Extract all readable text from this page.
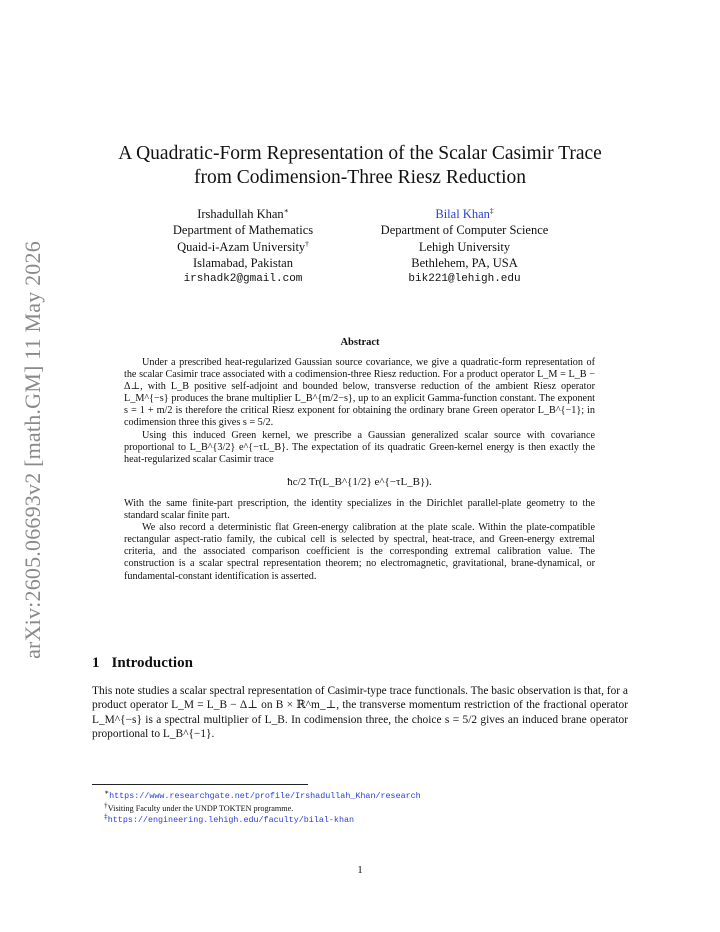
arXiv:2605.06693v2 [math.GM] 11 May 2026
A Quadratic-Form Representation of the Scalar Casimir Trace
from Codimension-Three Riesz Reduction
Irshadullah Khan∗
Department of Mathematics
Quaid-i-Azam University†
Islamabad, Pakistan
irshadk2@gmail.com
Bilal Khan‡
Department of Computer Science
Lehigh University
Bethlehem, PA, USA
bik221@lehigh.edu
Abstract

Under a prescribed heat-regularized Gaussian source covariance, we give a quadratic-form representation of the scalar Casimir trace associated with a codimension-three Riesz reduction. For a product operator L_M = L_B − Δ⊥, with L_B positive self-adjoint and bounded below, transverse reduction of the ambient Riesz operator L_M^{−s} produces the brane multiplier L_B^{m/2−s}, up to an explicit Gamma-function constant. The exponent s = 1 + m/2 is therefore the critical Riesz exponent for obtaining the ordinary brane Green operator L_B^{−1}; in codimension three this gives s = 5/2.

Using this induced Green kernel, we prescribe a Gaussian generalized scalar source with covariance proportional to L_B^{3/2} e^{−τL_B}. The expectation of its quadratic Green-kernel energy is then exactly the heat-regularized scalar Casimir trace

ħc/2 Tr(L_B^{1/2} e^{−τL_B}).

With the same finite-part prescription, the identity specializes in the Dirichlet parallel-plate geometry to the standard scalar finite part.

We also record a deterministic flat Green-energy calibration at the plate scale. Within the plate-compatible rectangular aspect-ratio family, the cubical cell is selected by spectral, heat-trace, and Green-energy extremal criteria, and the associated comparison coefficient is the corresponding extremal calibration value. The construction is a scalar spectral representation theorem; no electromagnetic, gravitational, brane-dynamical, or fundamental-constant identification is asserted.

1 Introduction

This note studies a scalar spectral representation of Casimir-type trace functionals. The basic observation is that, for a product operator L_M = L_B − Δ⊥ on B × ℝ^m_⊥, the transverse momentum restriction of the fractional operator L_M^{−s} is a spectral multiplier of L_B. In codimension three, the choice s = 5/2 gives an induced brane operator proportional to L_B^{−1}.

∗https://www.researchgate.net/profile/Irshadullah_Khan/research
†Visiting Faculty under the UNDP TOKTEN programme.
‡https://engineering.lehigh.edu/faculty/bilal-khan
1
